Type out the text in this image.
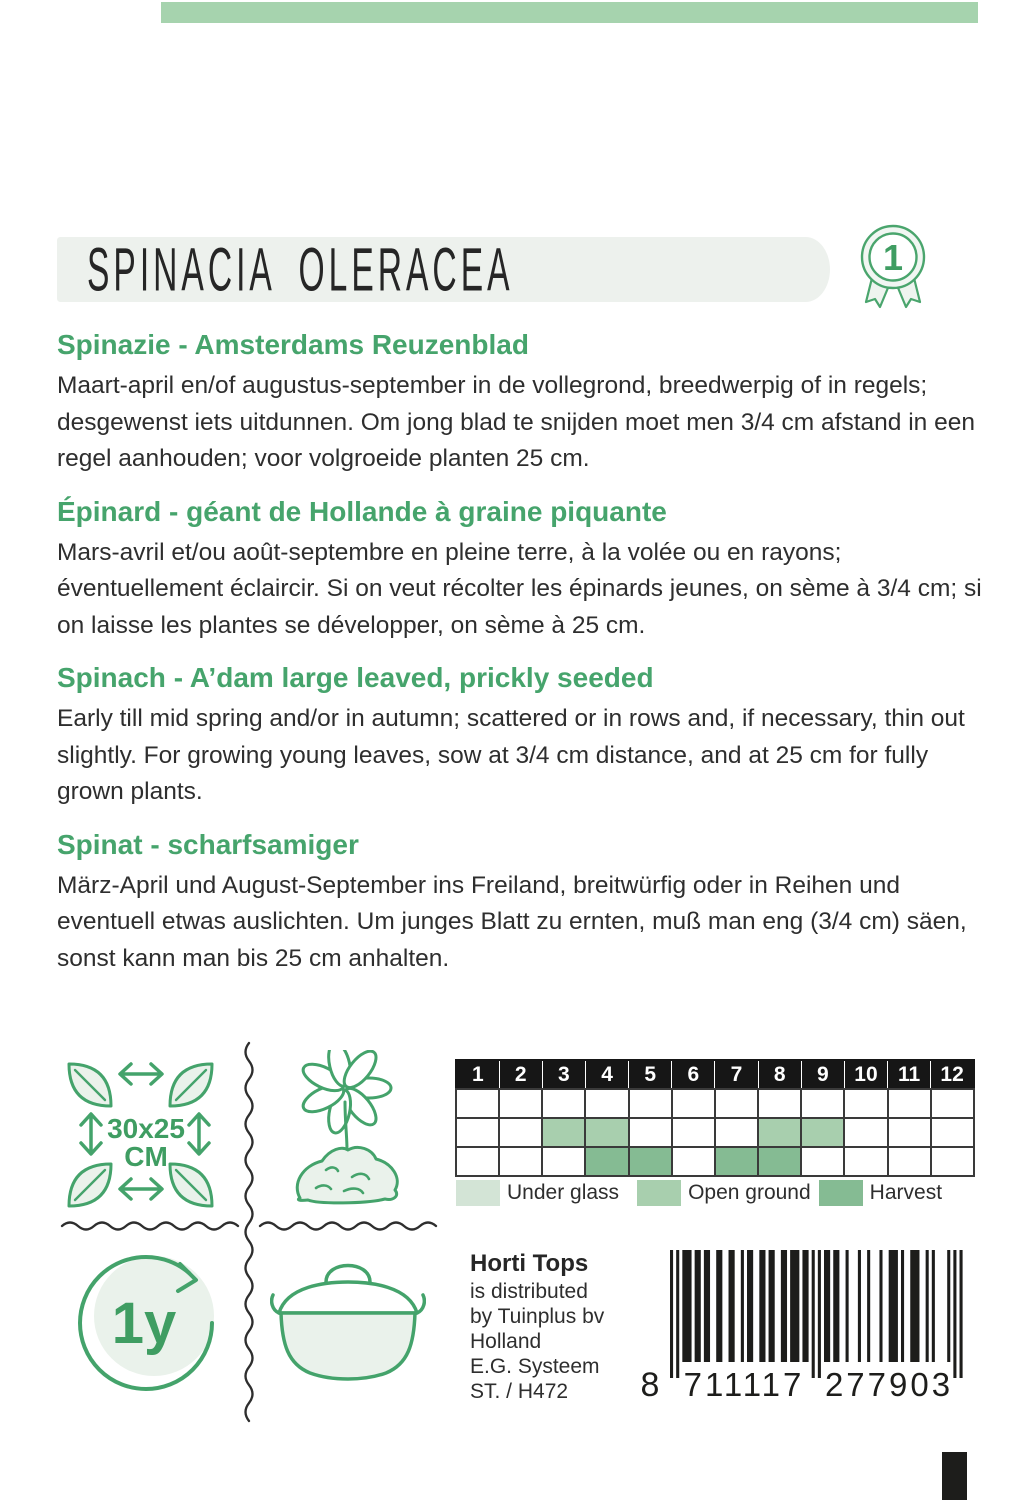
SPINACIA OLERACEA	1
Spinazie - Amsterdams Reuzenblad

Maart-april en/of augustus-september in de vollegrond, breedwerpig of in regels; desgewenst iets uitdunnen. Om jong blad te snijden moet men 3/4 cm afstand in een regel aanhouden; voor volgroeide planten 25 cm.

Épinard - géant de Hollande à graine piquante

Mars-avril et/ou août-septembre en pleine terre, à la volée ou en rayons; éventuellement éclaircir. Si on veut récolter les épinards jeunes, on sème à 3/4 cm; si on laisse les plantes se développer, on sème à 25 cm.

Spinach - A’dam large leaved, prickly seeded

Early till mid spring and/or in autumn; scattered or in rows and, if necessary, thin out slightly. For growing young leaves, sow at 3/4 cm distance, and at 25 cm for fully grown plants.

Spinat - scharfsamiger

März-April und August-September ins Freiland, breitwürfig oder in Reihen und eventuell etwas auslichten. Um junges Blatt zu ernten, muß man eng (3/4 cm) säen, sonst kann man bis 25 cm anhalten.

30x25
CM
1	2	3	4	5	6	7	8	9	10	11	12

Under glass	Open ground	Harvest
1y
Horti Tops
is distributed
by Tuinplus bv
Holland
E.G. Systeem
ST. / H472	8 711117 277903
